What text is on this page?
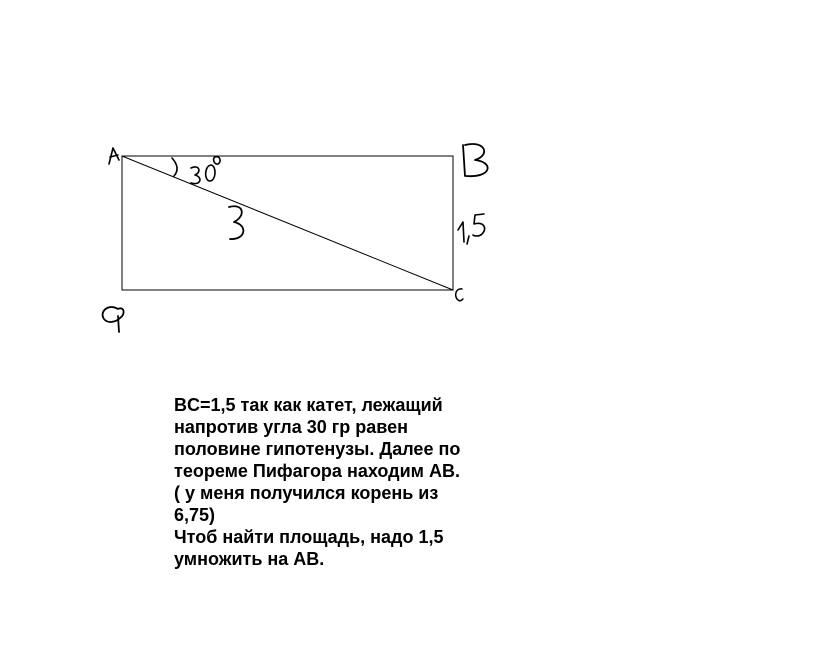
BC=1,5 так как катет, лежащий
напротив угла 30 гр равен
половине гипотенузы. Далее по
теореме Пифагора находим AB.
( у меня получился корень из
6,75)
Чтоб найти площадь, надо 1,5
умножить на AB.
